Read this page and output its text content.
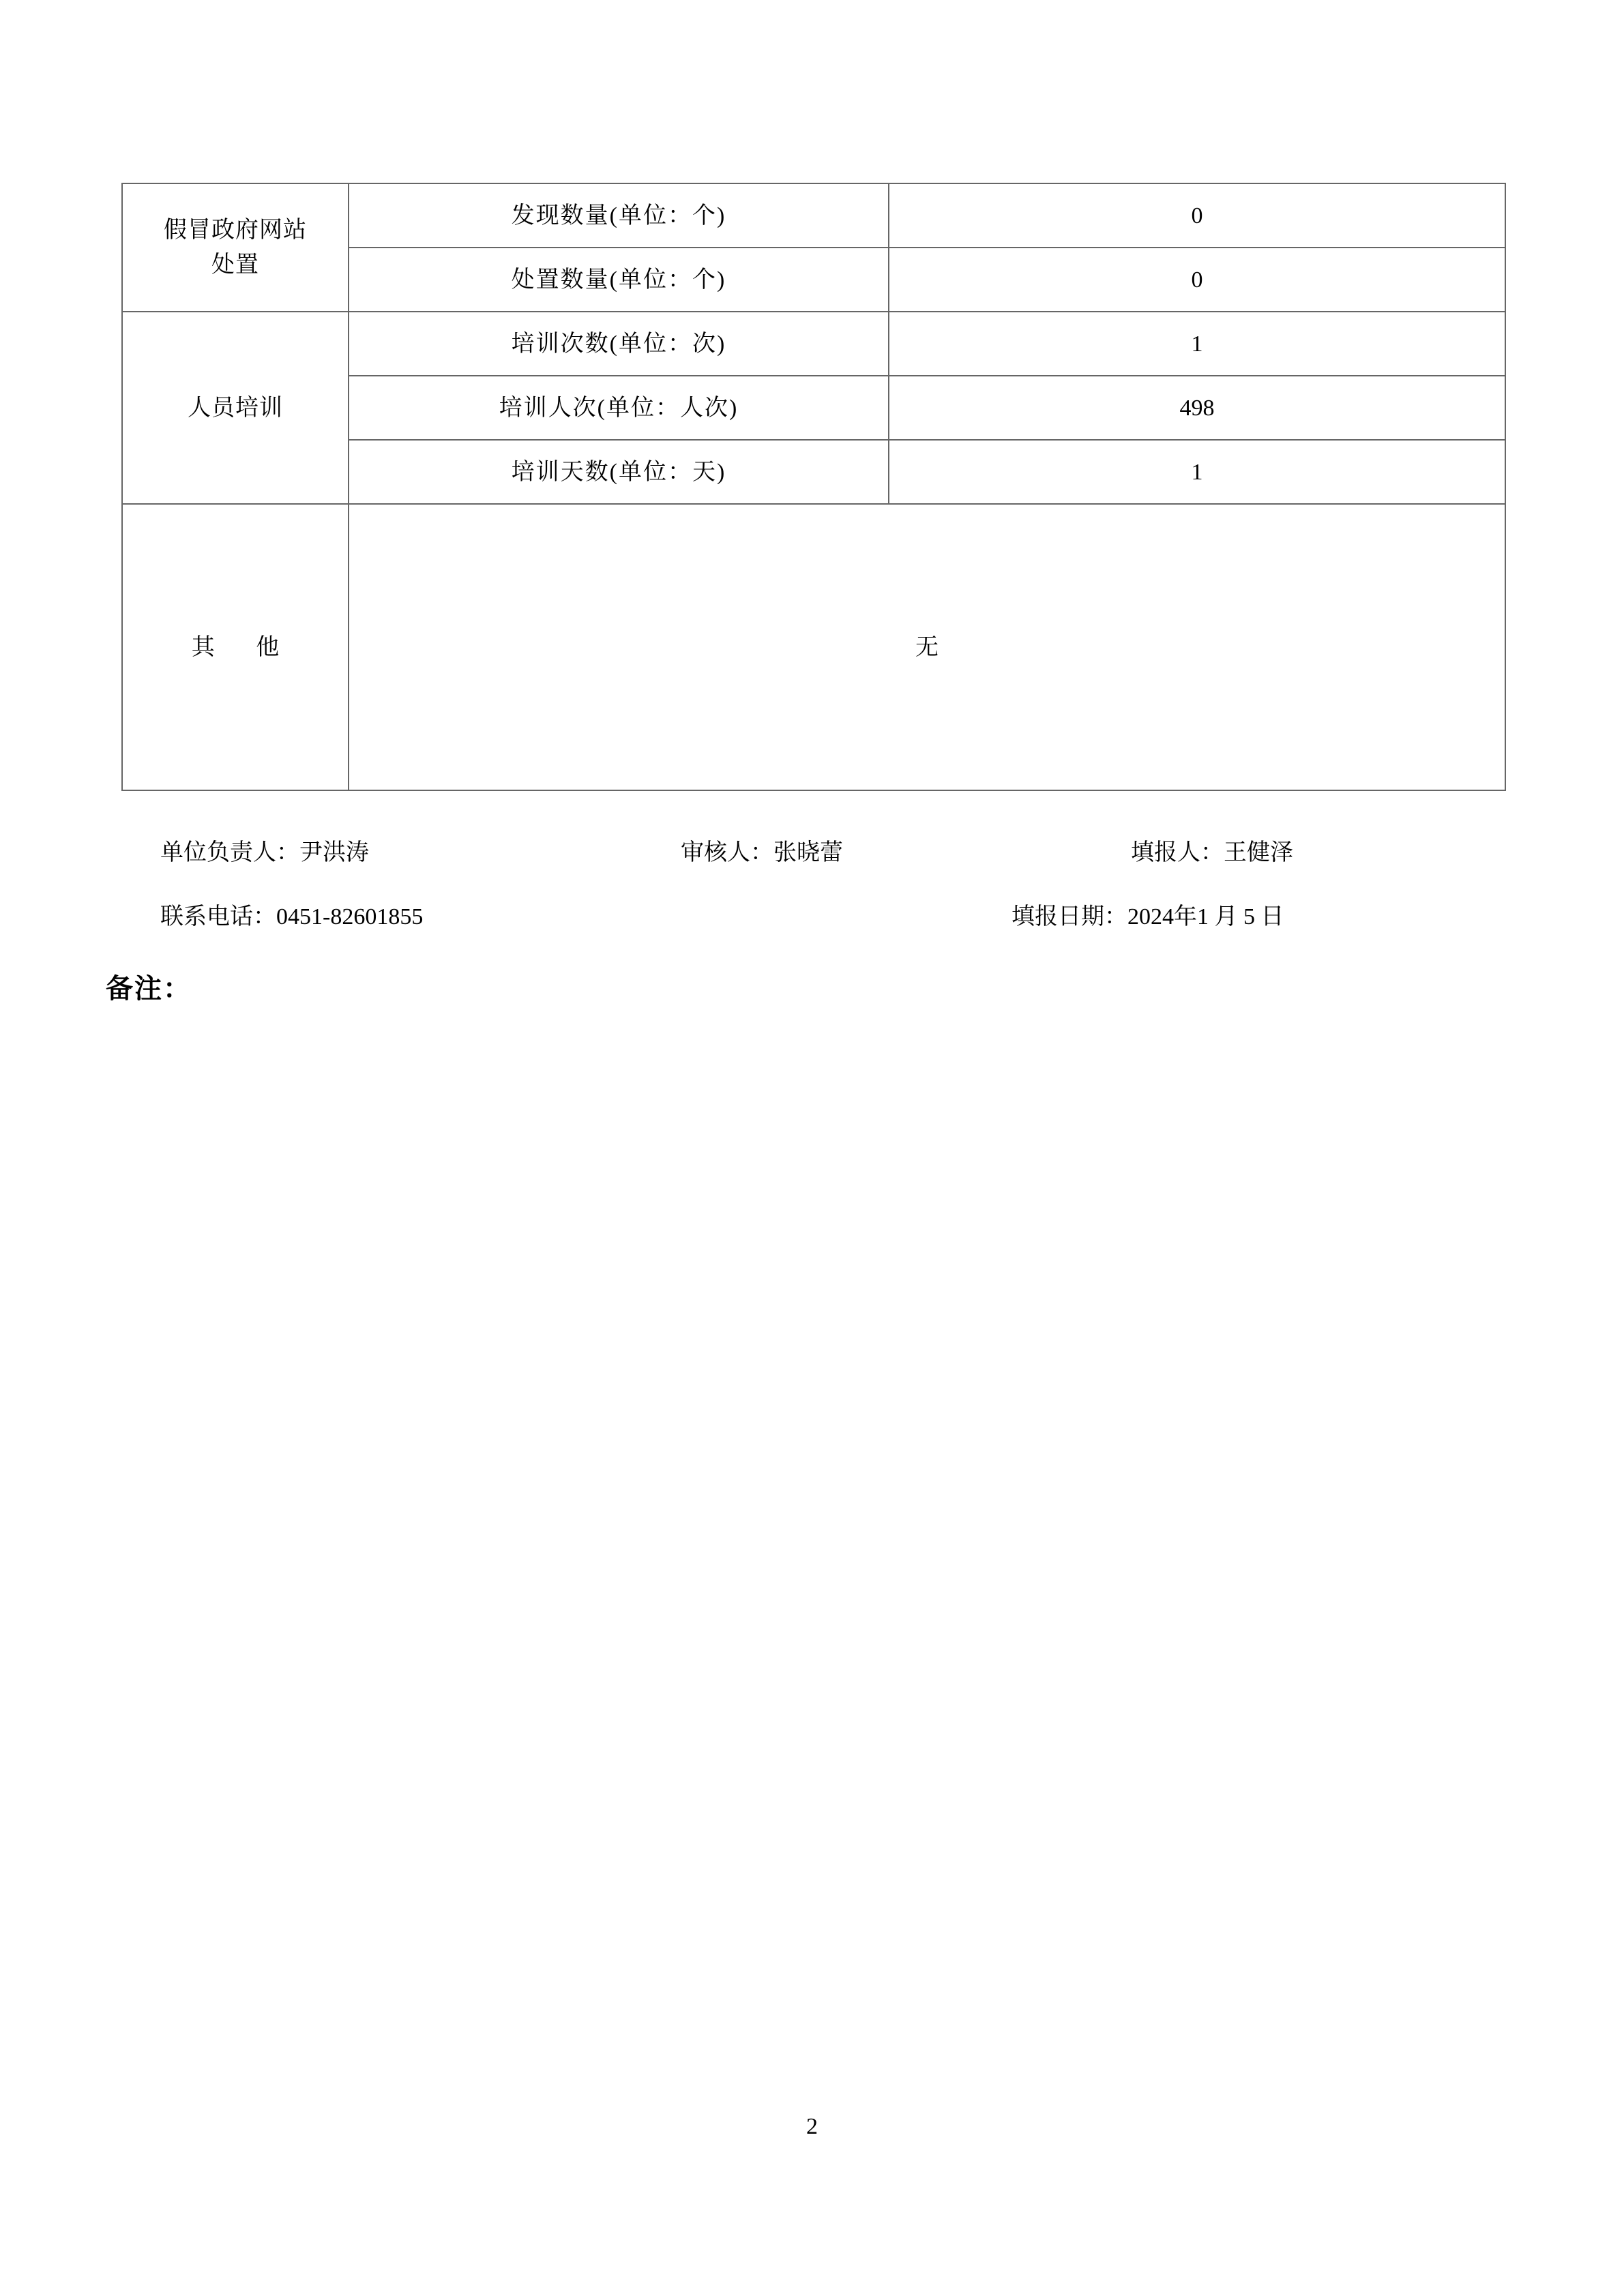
假冒政府网站
处置	发现数量(单位：个)	0
	处置数量(单位：个)	0
人员培训	培训次数(单位：次)	1
	培训人次(单位：人次)	498
	培训天数(单位：天)	1
其 他	无	
单位负责人：尹洪涛	审核人：张晓蕾	填报人：王健泽
联系电话：0451-82601855	填报日期：2024年1 月 5 日
备注：
2
